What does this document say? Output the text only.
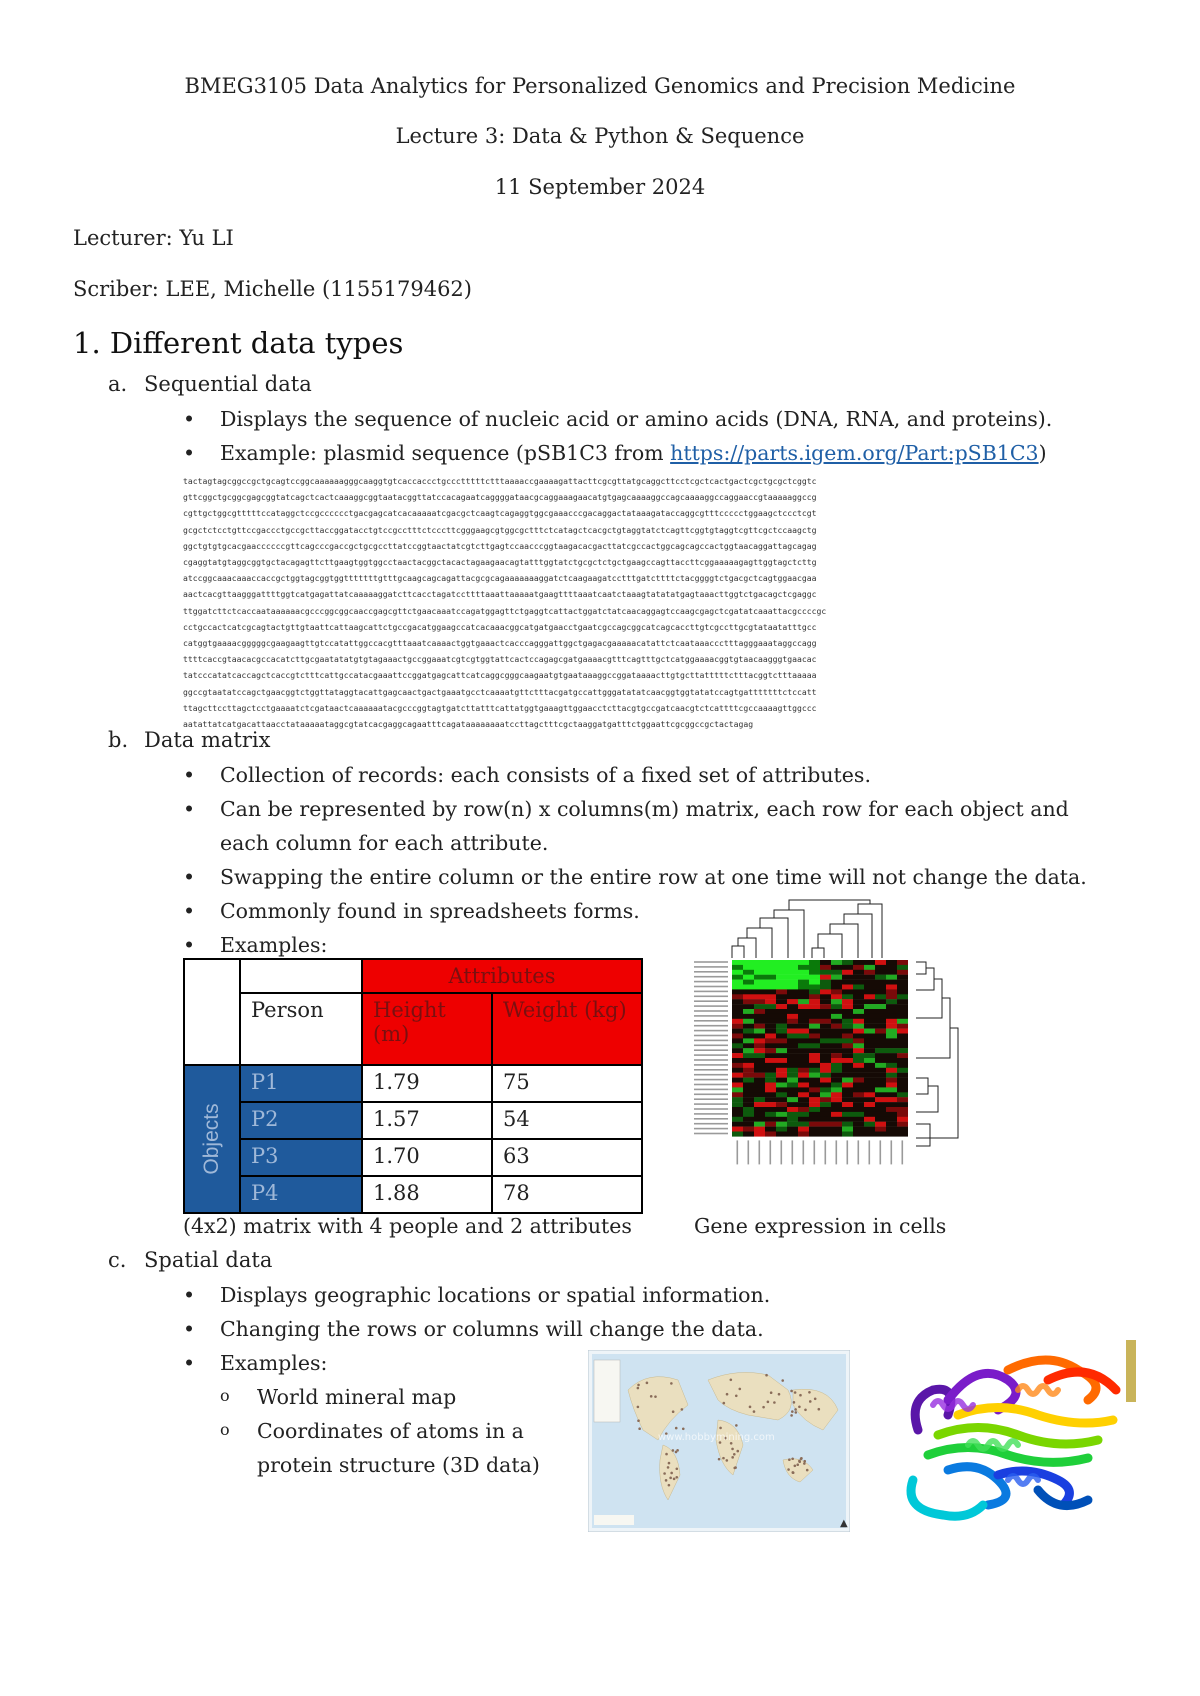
BMEG3105 Data Analytics for Personalized Genomics and Precision Medicine
Lecture 3: Data & Python & Sequence
11 September 2024
Lecturer: Yu LI
Scriber: LEE, Michelle (1155179462)
1. Different data types
a. Sequential data
• Displays the sequence of nucleic acid or amino acids (DNA, RNA, and proteins).
• Example: plasmid sequence (pSB1C3 from https://parts.igem.org/Part:pSB1C3)
tactagtagcggccgctgcagtccggcaaaaaagggcaaggtgtcaccaccctgccctttttctttaaaaccgaaaagattacttcgcgttatgcaggcttcctcgctcactgactcgctgcgctcggtc
gttcggctgcggcgagcggtatcagctcactcaaaggcggtaatacggttatccacagaatcaggggataacgcaggaaagaacatgtgagcaaaaggccagcaaaaggccaggaaccgtaaaaaggccg
cgttgctggcgtttttccataggctccgcccccctgacgagcatcacaaaaatcgacgctcaagtcagaggtggcgaaacccgacaggactataaagataccaggcgtttccccctggaagctccctcgt
gcgctctcctgttccgaccctgccgcttaccggatacctgtccgcctttctcccttcgggaagcgtggcgctttctcatagctcacgctgtaggtatctcagttcggtgtaggtcgttcgctccaagctg
ggctgtgtgcacgaaccccccgttcagcccgaccgctgcgccttatccggtaactatcgtcttgagtccaacccggtaagacacgacttatcgccactggcagcagccactggtaacaggattagcagag
cgaggtatgtaggcggtgctacagagttcttgaagtggtggcctaactacggctacactagaagaacagtatttggtatctgcgctctgctgaagccagttaccttcggaaaaagagttggtagctcttg
atccggcaaacaaaccaccgctggtagcggtggtttttttgtttgcaagcagcagattacgcgcagaaaaaaaggatctcaagaagatcctttgatcttttctacggggtctgacgctcagtggaacgaa
aactcacgttaagggattttggtcatgagattatcaaaaaggatcttcacctagatccttttaaattaaaaatgaagttttaaatcaatctaaagtatatatgagtaaacttggtctgacagctcgaggc
ttggatcttctcaccaataaaaaacgcccggcggcaaccgagcgttctgaacaaatccagatggagttctgaggtcattactggatctatcaacaggagtccaagcgagctcgatatcaaattacgccccgc
cctgccactcatcgcagtactgttgtaattcattaagcattctgccgacatggaagccatcacaaacggcatgatgaacctgaatcgccagcggcatcagcaccttgtcgccttgcgtataatatttgcc
catggtgaaaacgggggcgaagaagttgtccatattggccacgtttaaatcaaaactggtgaaactcacccagggattggctgagacgaaaaacatattctcaataaaccctttagggaaataggccagg
ttttcaccgtaacacgccacatcttgcgaatatatgtgtagaaactgccggaaatcgtcgtggtattcactccagagcgatgaaaacgtttcagtttgctcatggaaaacggtgtaacaagggtgaacac
tatcccatatcaccagctcaccgtctttcattgccatacgaaattccggatgagcattcatcaggcgggcaagaatgtgaataaaggccggataaaacttgtgcttatttttctttacggtctttaaaaa
ggccgtaatatccagctgaacggtctggttataggtacattgagcaactgactgaaatgcctcaaaatgttctttacgatgccattgggatatatcaacggtggtatatccagtgatttttttctccatt
ttagcttccttagctcctgaaaatctcgataactcaaaaaatacgcccggtagtgatcttatttcattatggtgaaagttggaacctcttacgtgccgatcaacgtctcattttcgccaaaagttggccc
aatattatcatgacattaacctataaaaataggcgtatcacgaggcagaatttcagataaaaaaaatccttagctttcgctaaggatgatttctggaattcgcggccgctactagag
b. Data matrix
• Collection of records: each consists of a fixed set of attributes.
• Can be represented by row(n) x columns(m) matrix, each row for each object and each column for each attribute.
• Swapping the entire column or the entire row at one time will not change the data.
• Commonly found in spreadsheets forms.
• Examples:
		Attributes	
	Person	Height (m)	Weight (kg)

Objects	P1	1.79	75
	P2	1.57	54
	P3	1.70	63
	P4	1.88	78
(4x2) matrix with 4 people and 2 attributes	Gene expression in cells
c. Spatial data
• Displays geographic locations or spatial information.
• Changing the rows or columns will change the data.
• Examples:
o World mineral map
o Coordinates of atoms in a protein structure (3D data)
www.hobbymining.com
▲
